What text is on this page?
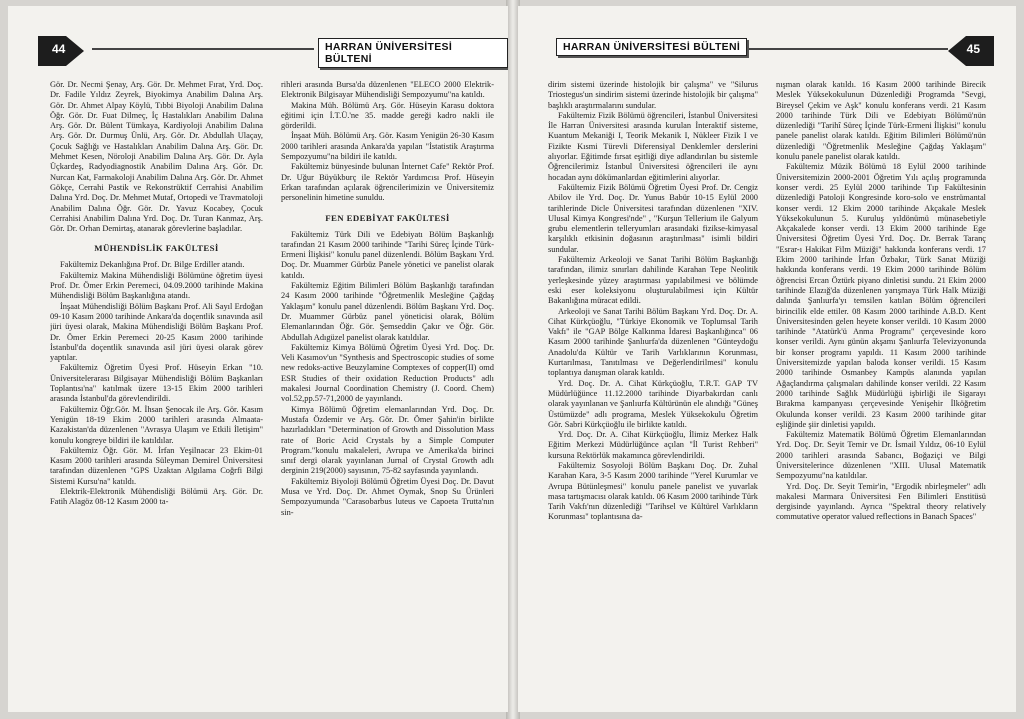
44	HARRAN ÜNİVERSİTESİ BÜLTENİ

Gör. Dr. Necmi Şenay, Arş. Gör. Dr. Mehmet Fırat, Yrd. Doç. Dr. Fadile Yıldız Zeyrek, Biyokimya Anabilim Dalına Arş. Gör. Dr. Ahmet Alpay Köylü, Tıbbi Biyoloji Anabilim Dalına Öğr. Gör. Dr. Fuat Dilmeç, İç Hastalıkları Anabilim Dalına Arş. Gör. Dr. Bülent Tümkaya, Kardiyoloji Anabilim Dalına Arş. Gör. Dr. Durmuş Ünlü, Arş. Gör. Dr. Abdullah Ulaçay, Çocuk Sağlığı ve Hastalıkları Anabilim Dalına Arş. Gör. Dr. Mehmet Kesen, Nöroloji Anabilim Dalına Arş. Gör. Dr. Ayla Üçkardeş, Radyodiagnostik Anabilim Dalına Arş. Gör. Dr. Nurcan Kat, Farmakoloji Anabilim Dalına Arş. Gör. Dr. Ahmet Gökçe, Cerrahi Pastik ve Rekonstrüktif Cerrahisi Anabilim Dalına Yrd. Doç. Dr. Mehmet Mutaf, Ortopedi ve Travmatoloji Anabilim Dalına Öğr. Gör. Dr. Yavuz Kocabey, Çocuk Cerrahisi Anabilim Dalına Yrd. Doç. Dr. Turan Kanmaz, Arş. Gör. Dr. Orhan Demirtaş, atanarak görevlerine başladılar.

MÜHENDİSLİK FAKÜLTESİ

Fakültemiz Dekanlığına Prof. Dr. Bilge Erdiller atandı.

Fakültemiz Makina Mühendisliği Bölümüne öğretim üyesi Prof. Dr. Ömer Erkin Peremeci, 04.09.2000 tarihinde Makina Mühendisliği Bölüm Başkanlığına atandı.

İnşaat Mühendisliği Bölüm Başkanı Prof. Ali Sayıl Erdoğan 09-10 Kasım 2000 tarihinde Ankara'da doçentlik sınavında asil jüri üyesi olarak, Makina Mühendisliği Bölüm Başkanı Prof. Dr. Ömer Erkin Peremeci 20-25 Kasım 2000 tarihinde İstanbul'da doçentlik sınavında asil jüri üyesi olarak görev yaptılar.

Fakültemiz Öğretim Üyesi Prof. Hüseyin Erkan "10. Üniversitelerarası Bilgisayar Mühendisliği Bölüm Başkanları Toplantısı'na" katılmak üzere 13-15 Ekim 2000 tarihleri arasında İstanbul'da görevlendirildi.

Fakültemiz Öğr.Gör. M. İhsan Şenocak ile Arş. Gör. Kasım Yenigün 18-19 Ekim 2000 tarihleri arasında Almaata-Kazakistan'da düzenlenen "Avrasya Ulaşım ve Etkili İletişim" konulu kongreye bildiri ile katıldılar.

Fakültemiz Öğr. Gör. M. İrfan Yeşilnacar 23 Ekim-01 Kasım 2000 tarihleri arasında Süleyman Demirel Üniversitesi tarafından düzenlenen "GPS Uzaktan Algılama Coğrfi Bilgi Sistemi Kursu'na" katıldı.

Elektrik-Elektronik Mühendisliği Bölümü Arş. Gör. Dr. Fatih Alagöz 08-12 Kasım 2000 ta-

rihleri arasında Bursa'da düzenlenen "ELECO 2000 Elektrik-Elektronik Bilgisayar Mühendisliği Sempozyumu"na katıldı.

Makina Müh. Bölümü Arş. Gör. Hüseyin Karasu doktora eğitimi için İ.T.Ü.'ne 35. madde gereği kadro nakli ile görderildi.

İnşaat Müh. Bölümü Arş. Gör. Kasım Yenigün 26-30 Kasım 2000 tarihleri arasında Ankara'da yapılan "İstatistik Araştırma Sempozyumu"na bildiri ile katıldı.

Fakültemiz bünyesinde bulunan İnternet Cafe" Rektör Prof. Dr. Uğur Büyükburç ile Rektör Yardımcısı Prof. Hüseyin Erkan tarafından açılarak öğrencilerimizin ve Üniversitemiz personelinin himetine sunuldu.

FEN EDEBİYAT FAKÜLTESİ

Fakültemiz Türk Dili ve Edebiyatı Bölüm Başkanlığı tarafından 21 Kasım 2000 tarihinde "Tarihi Süreç İçinde Türk-Ermeni İlişkisi" konulu panel düzenlendi. Bölüm Başkanı Yrd. Doç. Dr. Muammer Gürbüz Panele yönetici ve panelist olarak katıldı.

Fakültemiz Eğitim Bilimleri Bölüm Başkanlığı tarafından 24 Kasım 2000 tarihinde "Öğretmenlik Mesleğine Çağdaş Yaklaşım" konulu panel düzenlendi. Bölüm Başkanı Yrd. Doç. Dr. Muammer Gürbüz panel yöneticisi olarak, Bölüm Elemanlarından Öğr. Gör. Şemseddin Çakır ve Öğr. Gör. Abdullah Adıgüzel panelist olarak katıldılar.

Fakültemiz Kimya Bölümü Öğretim Üyesi Yrd. Doç. Dr. Veli Kasımov'un "Synthesis and Spectroscopic studies of some new redoks-active Beuzylamine Comptexes of copper(II) omd ESR Studies of their oxidation Reduction Products" adlı makalesi Journal Coordination Chemistry (J. Coord. Chem) vol.52,pp.57-71,2000 de yayınlandı.

Kimya Bölümü Öğretim elemanlarından Yrd. Doç. Dr. Mustafa Özdemir ve Arş. Gör. Dr. Ömer Şahin'in birlikte hazırladıkları "Determination of Growth and Dissolution Mass rate of Boric Acid Crystals by a Simple Computer Program."konulu makaleleri, Avrupa ve Amerika'da birinci sınıf dergi olarak yayınlanan Jurnal of Crystal Growth adlı derginin 219(2000) sayısının, 75-82 sayfasında yayınlandı.

Fakültemiz Biyoloji Bölümü Öğretim Üyesi Doç. Dr. Davut Musa ve Yrd. Doç. Dr. Ahmet Oymak, Snop Su Ürünleri Sempozyumunda "Carasobarbus luteus ve Capoeta Trutta'nın sin-

45
HARRAN ÜNİVERSİTESİ BÜLTENİ

dirim sistemi üzerinde histolojik bir çalışma" ve "Silurus Triostegus'un sindirim sistemi üzerinde histolojik bir çalışma" başlıklı araştırmalarını sundular.

Fakültemiz Fizik Bölümü öğrencileri, İstanbul Üniversitesi İle Harran Üniversitesi arasında kurulan İnteraktif sisteme, Kuantum Mekaniği I, Teorik Mekanik I, Nükleer Fizik I ve Fizikte Kısmi Türevli Diferensiyal Denklemler derslerini alıyorlar. Eğitimde fırsat eşitliği diye adlandırılan bu sistemle Öğrencilerimiz İstanbul Üniversitesi öğrencileri ile aynı hocadan aynı dökümanlardan eğitimlerini alıyorlar.

Fakültemiz Fizik Bölümü Öğretim Üyesi Prof. Dr. Cengiz Abilov ile Yrd. Doç. Dr. Yunus Babür 10-15 Eylül 2000 tarihlerinde Dicle Üniversitesi tarafından düzenlenen "XIV. Ulusal Kimya Kongresi'nde" , "Kurşun Tellerium ile Galyum grubu elementlerin telleryumları arasındaki fizikse-kimyasal karşılıklı etkisinin doğasının araştırılması" isimli bildiri sundular.

Fakültemiz Arkeoloji ve Sanat Tarihi Bölüm Başkanlığı tarafından, ilimiz sınırları dahilinde Karahan Tepe Neolitik yerleşkesinde yüzey araştırması yapılabilmesi ve bölümde eski eser koleksiyonu oluşturulabilmesi için Kültür Bakanlığına müracat edildi.

Arkeoloji ve Sanat Tarihi Bölüm Başkanı Yrd. Doç. Dr. A. Cihat Kürkçüoğlu, "Türkiye Ekonomik ve Toplumsal Tarih Vakfı" ile "GAP Bölge Kalkınma İdaresi Başkanlığınca" 06 Kasım 2000 tarihinde Şanlıurfa'da düzenlenen "Günteydoğu Anadolu'da Kültür ve Tarih Varlıklarının Korunması, Kurtarılması, Tanıtılması ve Değerlendirilmesi" konulu toplantıya danışman olarak katıldı.

Yrd. Doç. Dr. A. Cihat Kürkçüoğlu, T.R.T. GAP TV Müdürlüğünce 11.12.2000 tarihinde Diyarbakırdan canlı olarak yayınlanan ve Şanlıurfa Kültürünün ele alındığı "Güneş Üstümüzde" adlı programa, Meslek Yüksekokulu Öğretim Gör. Sabri Kürkçüoğlu ile birlikte katıldı.

Yrd. Doç. Dr. A. Cihat Kürkçüoğlu, İlimiz Merkez Halk Eğitim Merkezi Müdürlüğünce açılan "İl Turist Rehberi" kursuna Rektörlük makamınca görevlendirildi.

Fakültemiz Sosyoloji Bölüm Başkanı Doç. Dr. Zuhal Karahan Kara, 3-5 Kasım 2000 tarihinde "Yerel Kurumlar ve Avrupa Bütünleşmesi" konulu panele panelist ve yuvarlak masa tartışmacısı olarak katıldı. 06 Kasım 2000 tarihinde Türk Tarih Vakfı'nın düzenlediği "Tarihsel ve Kültürel Varlıkların Korunması" toplantısına da-

nışman olarak katıldı. 16 Kasım 2000 tarihinde Birecik Meslek Yüksekokulunun Düzenlediği Programda "Sevgi, Bireysel Çekim ve Aşk" konulu konferans verdi. 21 Kasım 2000 tarihinde Türk Dili ve Edebiyatı Bölümü'nün düzenlediği "Tarihî Süreç İçinde Türk-Ermeni İlişkisi" konulu panele panelist olarak katıldı. Eğitim Bilimleri Bölümü'nün düzenlediği "Öğretmenlik Mesleğine Çağdaş Yaklaşım" konulu panele panelist olarak katıldı.

Fakültemiz Müzik Bölümü 18 Eylül 2000 tarihinde Üniversitemizin 2000-2001 Öğretim Yılı açılış programında konser verdi. 25 Eylül 2000 tarihinde Tıp Fakültesinin düzenlediği Patoloji Kongresinde koro-solo ve enstrümantal konser verdi. 12 Ekim 2000 tarihinde Akçakale Meslek Yüksekokulunun 5. Kuruluş yıldönümü münasebetiyle Akçakalede konser verdi. 13 Ekim 2000 tarihinde Ege Üniversitesi Öğretim Üyesi Yrd. Doç. Dr. Berrak Taranç "Esrar-ı Hakikat Film Müziği" hakkında konferans verdi. 17 Ekim 2000 tarihinde İrfan Özbakır, Türk Sanat Müziği hakkında konferans verdi. 19 Ekim 2000 tarihinde Bölüm öğrencisi Ercan Öztürk piyano dinletisi sundu. 21 Ekim 2000 tarihinde Elazığ'da düzenlenen yarışmaya Türk Halk Müziği dalında Şanlıurfa'yı temsilen katılan Bölüm öğrencileri birincilik elde ettiler. 08 Kasım 2000 tarihinde A.B.D. Kent Üniversitesinden gelen heyete konser verildi. 10 Kasım 2000 tarihinde "Atatürk'ü Anma Programı" çerçevesinde koro konser verildi. Aynı günün akşamı Şanlıurfa Televizyonunda bir konser programı yapıldı. 11 Kasım 2000 tarihinde Üniversitemizde yapılan baloda konser verildi. 15 Kasım 2000 tarihinde Osmanbey Kampüs alanında yapılan Ağaçlandırma çalışmaları dahilinde konser verildi. 22 Kasım 2000 tarihinde Sağlık Müdürlüğü işbirliği ile Sigarayı Bırakma kampanyası çerçevesinde Yenişehir İlköğretim Okulunda konser verildi. 23 Kasım 2000 tarihinde gitar eşliğinde şiir dinletisi yapıldı.

Fakültemiz Matematik Bölümü Öğretim Elemanlarından Yrd. Doç. Dr. Seyit Temir ve Dr. İsmail Yıldız, 06-10 Eylül 2000 tarihleri arasında Sabancı, Boğaziçi ve Bilgi Üniversitelerince düzenlenen "XIII. Ulusal Matematik Sempozyumu"na katıldılar.

Yrd. Doç. Dr. Seyit Temir'in, "Ergodik nbirleşmeler" adlı makalesi Marmara Üniversitesi Fen Bilimleri Enstitüsü dergisinde yayınlandı. Ayrıca "Spektral theory relatively commutative operator valued reflections in Banach Spaces"
